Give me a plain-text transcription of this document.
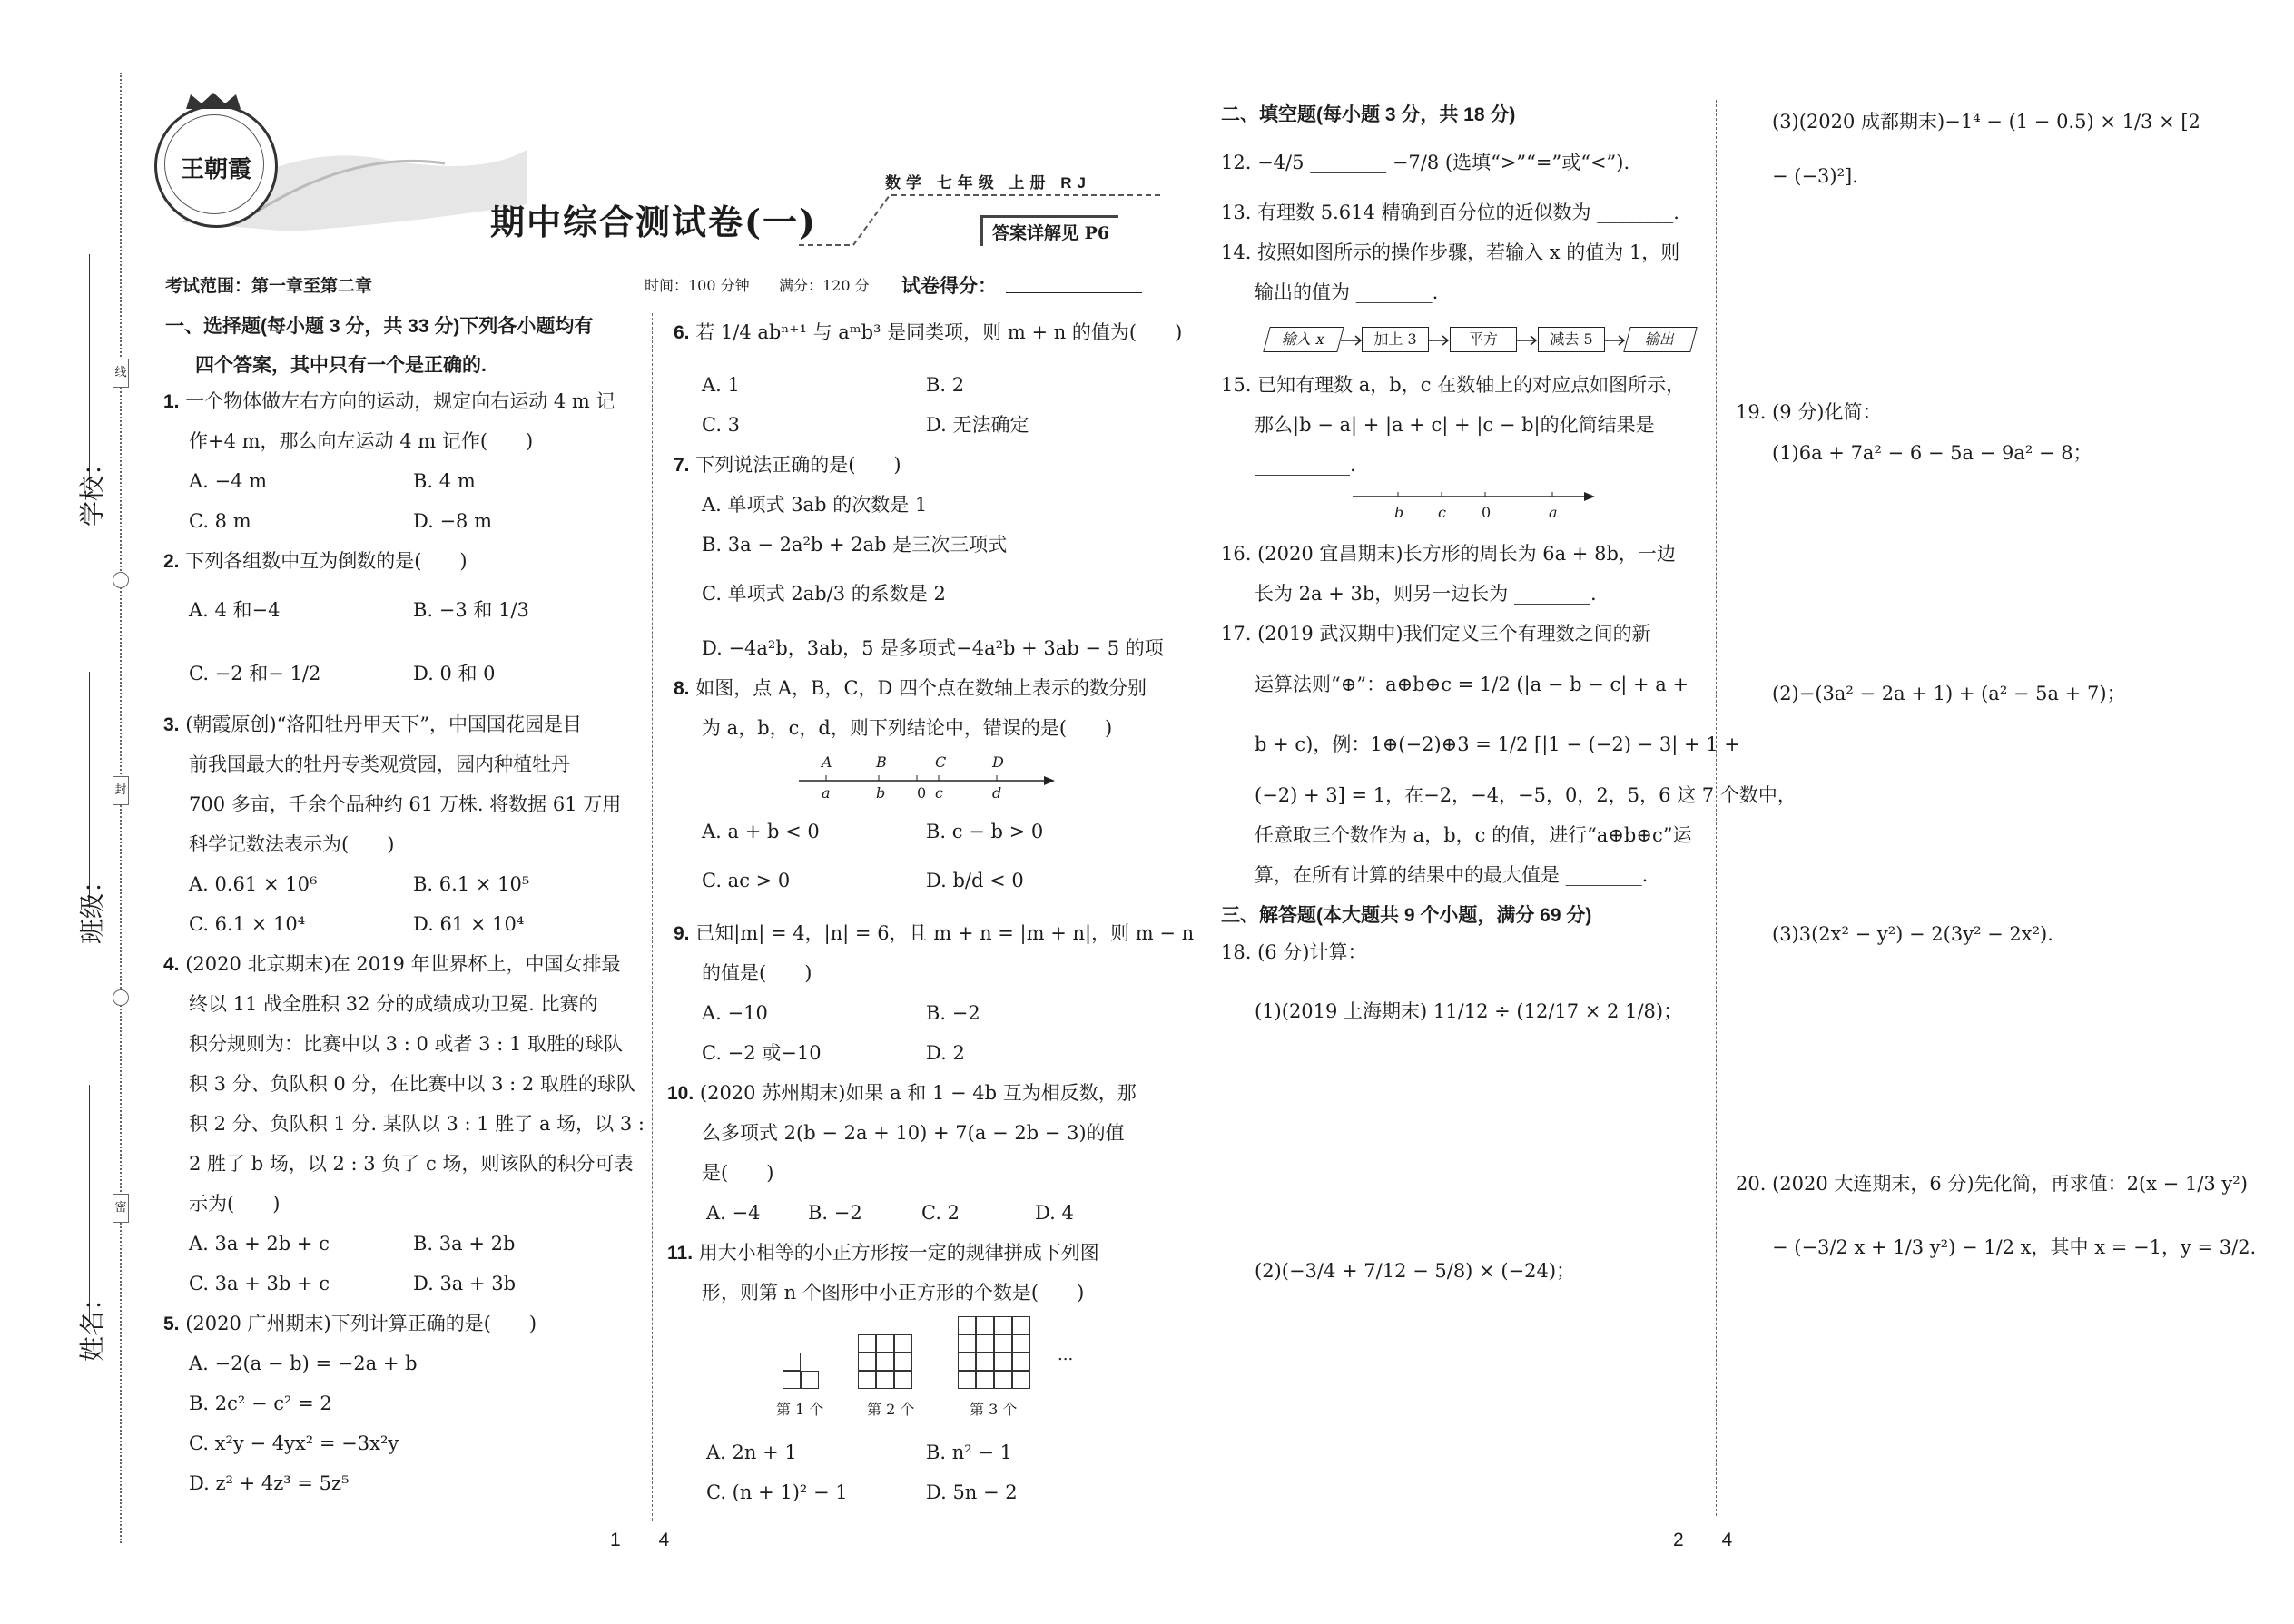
线
封
密
学校：
班级：
姓名：
王朝霞
期中综合测试卷(一)
数学 七年级 上册 RJ
答案详解见 P6
考试范围：第一章至第二章	时间：100 分钟 满分：120 分 试卷得分：
一、选择题(每小题 3 分，共 33 分)下列各小题均有
四个答案，其中只有一个是正确的.
1. 一个物体做左右方向的运动，规定向右运动 4 m 记
作+4 m，那么向左运动 4 m 记作(　　)
A. −4 m	B. 4 m
C. 8 m	D. −8 m
2. 下列各组数中互为倒数的是(　　)
A. 4 和−4	B. −3 和 1/3
C. −2 和− 1/2	D. 0 和 0
3. (朝霞原创)“洛阳牡丹甲天下”，中国国花园是目
前我国最大的牡丹专类观赏园，园内种植牡丹
700 多亩，千余个品种约 61 万株. 将数据 61 万用
科学记数法表示为(　　)
A. 0.61 × 10⁶	B. 6.1 × 10⁵
C. 6.1 × 10⁴	D. 61 × 10⁴
4. (2020 北京期末)在 2019 年世界杯上，中国女排最
终以 11 战全胜积 32 分的成绩成功卫冕. 比赛的
积分规则为：比赛中以 3 : 0 或者 3 : 1 取胜的球队
积 3 分、负队积 0 分，在比赛中以 3 : 2 取胜的球队
积 2 分、负队积 1 分. 某队以 3 : 1 胜了 a 场，以 3 :
2 胜了 b 场，以 2 : 3 负了 c 场，则该队的积分可表
示为(　　)
A. 3a + 2b + c	B. 3a + 2b
C. 3a + 3b + c	D. 3a + 3b
5. (2020 广州期末)下列计算正确的是(　　)
A. −2(a − b) = −2a + b
B. 2c² − c² = 2
C. x²y − 4yx² = −3x²y
D. z² + 4z³ = 5z⁵
6. 若 1/4 abⁿ⁺¹ 与 aᵐb³ 是同类项，则 m + n 的值为(　　)
A. 1	B. 2
C. 3	D. 无法确定
7. 下列说法正确的是(　　)
A. 单项式 3ab 的次数是 1
B. 3a − 2a²b + 2ab 是三次三项式
C. 单项式 2ab/3 的系数是 2
D. −4a²b，3ab，5 是多项式−4a²b + 3ab − 5 的项
8. 如图，点 A，B，C，D 四个点在数轴上表示的数分别
为 a，b，c，d，则下列结论中，错误的是(　　)
A	B	C	D
a	b 0 c	d
A. a + b < 0	B. c − b > 0
C. ac > 0	D. b/d < 0
9. 已知|m| = 4，|n| = 6，且 m + n = |m + n|，则 m − n
的值是(　　)
A. −10	B. −2
C. −2 或−10	D. 2
10. (2020 苏州期末)如果 a 和 1 − 4b 互为相反数，那
么多项式 2(b − 2a + 10) + 7(a − 2b − 3)的值
是(　　)
A. −4	B. −2	C. 2	D. 4
11. 用大小相等的小正方形按一定的规律拼成下列图
形，则第 n 个图形中小正方形的个数是(　　)
第 1 个	第 2 个	第 3 个
...
A. 2n + 1	B. n² − 1
C. (n + 1)² − 1	D. 5n − 2
1　　4
二、填空题(每小题 3 分，共 18 分)
12. −4/5 ________ −7/8 (选填“>”“=”或“<”).
13. 有理数 5.614 精确到百分位的近似数为 ________.
14. 按照如图所示的操作步骤，若输入 x 的值为 1，则
输出的值为 ________.
输入 x	加上 3	平方	减去 5	输出
15. 已知有理数 a，b，c 在数轴上的对应点如图所示，
那么|b − a| + |a + c| + |c − b|的化简结果是
__________.
b c 0	a
16. (2020 宜昌期末)长方形的周长为 6a + 8b，一边
长为 2a + 3b，则另一边长为 ________.
17. (2019 武汉期中)我们定义三个有理数之间的新
运算法则“⊕”：a⊕b⊕c = 1/2 (|a − b − c| + a +
b + c)，例：1⊕(−2)⊕3 = 1/2 [|1 − (−2) − 3| + 1 +
(−2) + 3] = 1，在−2，−4，−5，0，2，5，6 这 7 个数中，
任意取三个数作为 a，b，c 的值，进行“a⊕b⊕c”运
算，在所有计算的结果中的最大值是 ________.
三、解答题(本大题共 9 个小题，满分 69 分)
18. (6 分)计算：
(1)(2019 上海期末) 11/12 ÷ (12/17 × 2 1/8)；
(2)(−3/4 + 7/12 − 5/8) × (−24)；
2　　4
(3)(2020 成都期末)−1⁴ − (1 − 0.5) × 1/3 × [2
− (−3)²].
19. (9 分)化简：
(1)6a + 7a² − 6 − 5a − 9a² − 8；
(2)−(3a² − 2a + 1) + (a² − 5a + 7)；
(3)3(2x² − y²) − 2(3y² − 2x²).
20. (2020 大连期末，6 分)先化简，再求值：2(x − 1/3 y²)
− (−3/2 x + 1/3 y²) − 1/2 x，其中 x = −1，y = 3/2.
